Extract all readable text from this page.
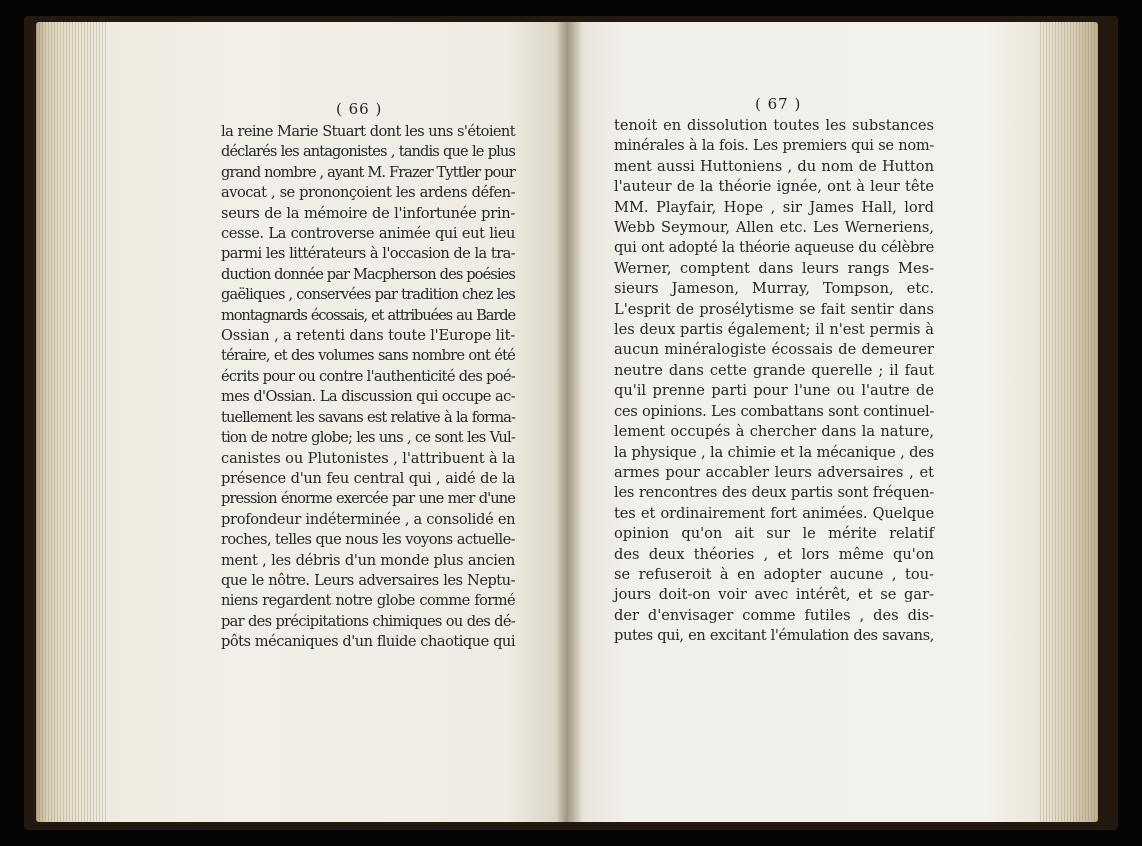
( 66 )
la reine Marie Stuart dont les uns s'étoient
déclarés les antagonistes , tandis que le plus
grand nombre , ayant M. Frazer Tyttler pour
avocat , se prononçoient les ardens défen-
seurs de la mémoire de l'infortunée prin-
cesse. La controverse animée qui eut lieu
parmi les littérateurs à l'occasion de la tra-
duction donnée par Macpherson des poésies
gaëliques , conservées par tradition chez les
montagnards écossais, et attribuées au Barde
Ossian , a retenti dans toute l'Europe lit-
téraire, et des volumes sans nombre ont été
écrits pour ou contre l'authenticité des poé-
mes d'Ossian. La discussion qui occupe ac-
tuellement les savans est relative à la forma-
tion de notre globe; les uns , ce sont les Vul-
canistes ou Plutonistes , l'attribuent à la
présence d'un feu central qui , aidé de la
pression énorme exercée par une mer d'une
profondeur indéterminée , a consolidé en
roches, telles que nous les voyons actuelle-
ment , les débris d'un monde plus ancien
que le nôtre. Leurs adversaires les Neptu-
niens regardent notre globe comme formé
par des précipitations chimiques ou des dé-
pôts mécaniques d'un fluide chaotique qui
( 67 )
tenoit en dissolution toutes les substances
minérales à la fois. Les premiers qui se nom-
ment aussi Huttoniens , du nom de Hutton
l'auteur de la théorie ignée, ont à leur tête
MM. Playfair, Hope , sir James Hall, lord
Webb Seymour, Allen etc. Les Werneriens,
qui ont adopté la théorie aqueuse du célèbre
Werner, comptent dans leurs rangs Mes-
sieurs Jameson, Murray, Tompson, etc.
L'esprit de prosélytisme se fait sentir dans
les deux partis également; il n'est permis à
aucun minéralogiste écossais de demeurer
neutre dans cette grande querelle ; il faut
qu'il prenne parti pour l'une ou l'autre de
ces opinions. Les combattans sont continuel-
lement occupés à chercher dans la nature,
la physique , la chimie et la mécanique , des
armes pour accabler leurs adversaires , et
les rencontres des deux partis sont fréquen-
tes et ordinairement fort animées. Quelque
opinion qu'on ait sur le mérite relatif
des deux théories , et lors même qu'on
se refuseroit à en adopter aucune , tou-
jours doit-on voir avec intérêt, et se gar-
der d'envisager comme futiles , des dis-
putes qui, en excitant l'émulation des savans,
